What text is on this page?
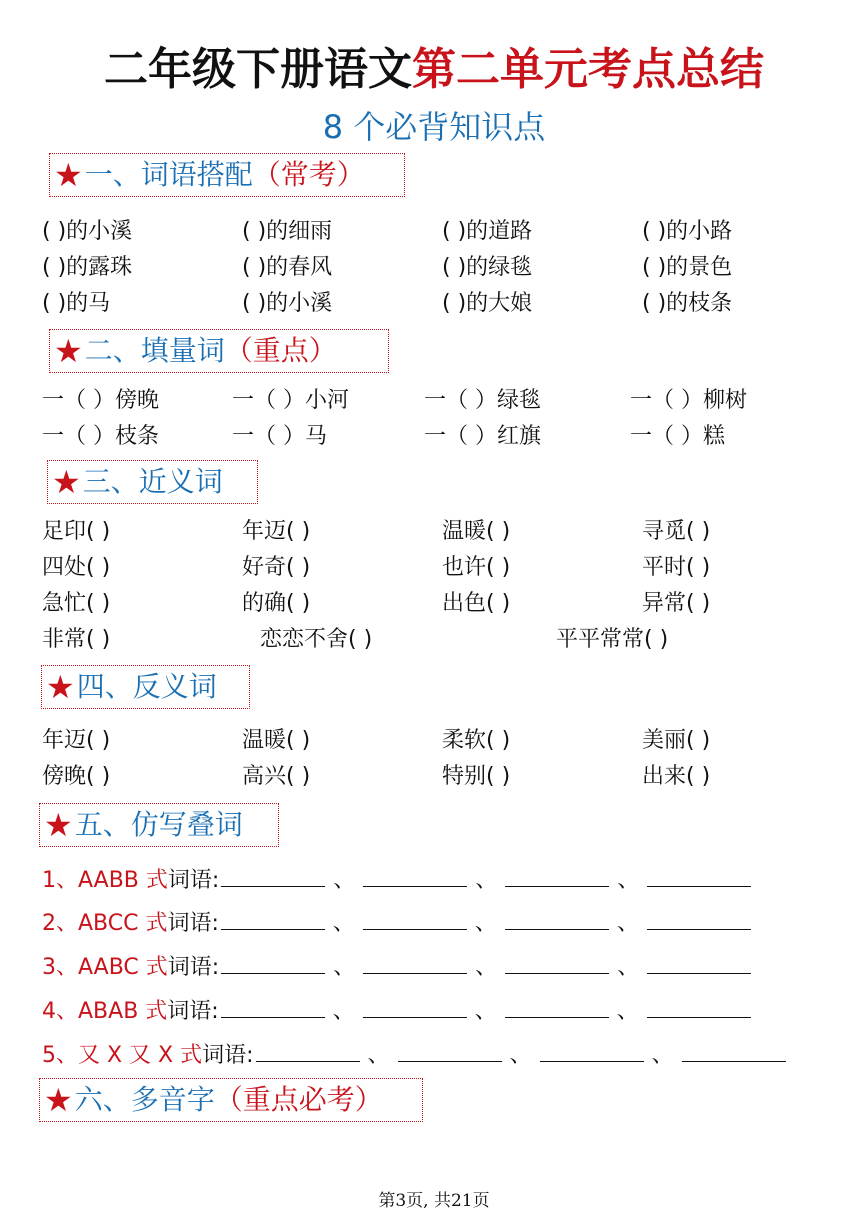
二年级下册语文第二单元考点总结
8 个必背知识点
★ 一、词语搭配 （常考）
( )的小溪	( )的细雨	( )的道路	( )的小路
( )的露珠	( )的春风	( )的绿毯	( )的景色
( )的马	( )的小溪	( )的大娘	( )的枝条
★ 二、填量词 （重点）
一（ ）傍晚	一（ ）小河	一（ ）绿毯	一（ ）柳树
一（ ）枝条	一（ ）马	一（ ）红旗	一（ ）糕
★ 三、近义词
足印( )	年迈( )	温暖( )	寻觅( )
四处( )	好奇( )	也许( )	平时( )
急忙( )	的确( )	出色( )	异常( )
非常( )	恋恋不舍( )	平平常常( )
★ 四、反义词
年迈( )	温暖( )	柔软( )	美丽( )
傍晚( )	高兴( )	特别( )	出来( )
★ 五、仿写叠词
1、AABB 式词语:	、	、	、
2、ABCC 式词语:	、	、	、
3、AABC 式词语:	、	、	、
4、ABAB 式词语:	、	、	、
5、又 X 又 X 式词语:	、	、	、
★ 六、多音字 （重点必考）
第3页, 共21页
